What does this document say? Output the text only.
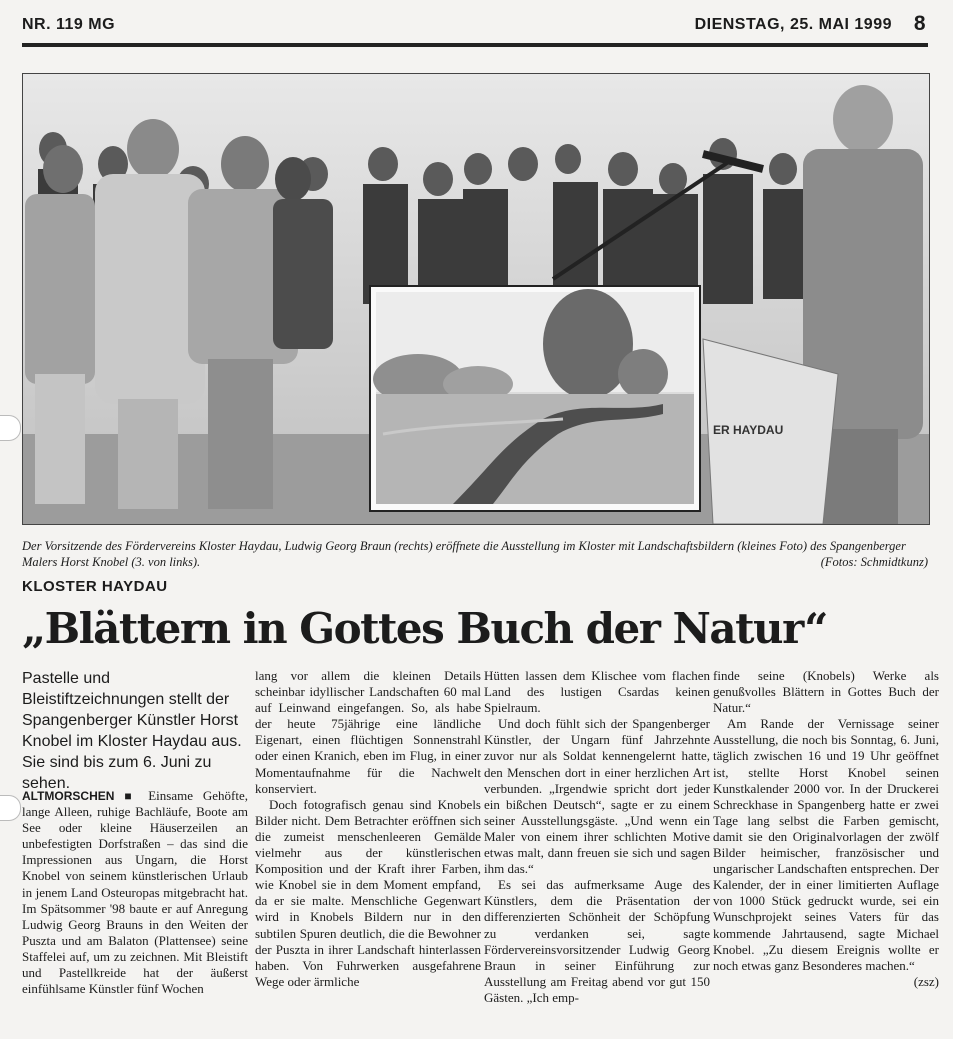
NR. 119 MG	DIENSTAG, 25. MAI 1999 8
ER HAYDAU
Der Vorsitzende des Fördervereins Kloster Haydau, Ludwig Georg Braun (rechts) eröffnete die Ausstellung im Kloster mit Landschaftsbildern (kleines Foto) des Spangenberger Malers Horst Knobel (3. von links).	(Fotos: Schmidtkunz)
KLOSTER HAYDAU
„Blättern in Gottes Buch der Natur“
Pastelle und Bleistiftzeichnungen stellt der Spangenberger Künstler Horst Knobel im Kloster Haydau aus. Sie sind bis zum 6. Juni zu sehen.

ALTMORSCHEN ■ Einsame Gehöfte, lange Alleen, ruhige Bachläufe, Boote am See oder kleine Häuserzeilen an unbefestigten Dorfstraßen – das sind die Impressionen aus Ungarn, die Horst Knobel von seinem künstlerischen Urlaub in jenem Land Osteuropas mitgebracht hat. Im Spätsommer '98 baute er auf Anregung Ludwig Georg Brauns in den Weiten der Puszta und am Balaton (Plattensee) seine Staffelei auf, um zu zeichnen. Mit Bleistift und Pastellkreide hat der äußerst einfühlsame Künstler fünf Wochen

lang vor allem die kleinen Details scheinbar idyllischer Landschaften 60 mal auf Leinwand eingefangen. So, als habe der heute 75jährige eine ländliche Eigenart, einen flüchtigen Sonnenstrahl oder einen Kranich, eben im Flug, in einer Momentaufnahme für die Nachwelt konserviert.

Doch fotografisch genau sind Knobels Bilder nicht. Dem Betrachter eröffnen sich die zumeist menschenleeren Gemälde vielmehr aus der künstlerischen Komposition und der Kraft ihrer Farben, wie Knobel sie in dem Moment empfand, da er sie malte. Menschliche Gegenwart wird in Knobels Bildern nur in den subtilen Spuren deutlich, die die Bewohner der Puszta in ihrer Landschaft hinterlassen haben. Von Fuhrwerken ausgefahrene Wege oder ärmliche

Hütten lassen dem Klischee vom flachen Land des lustigen Csardas keinen Spielraum.

Und doch fühlt sich der Spangenberger Künstler, der Ungarn fünf Jahrzehnte zuvor nur als Soldat kennengelernt hatte, den Menschen dort in einer herzlichen Art verbunden. „Irgendwie spricht dort jeder ein bißchen Deutsch“, sagte er zu einem seiner Ausstellungsgäste. „Und wenn ein Maler von einem ihrer schlichten Motive etwas malt, dann freuen sie sich und sagen ihm das.“

Es sei das aufmerksame Auge des Künstlers, dem die Präsentation der differenzierten Schönheit der Schöpfung zu verdanken sei, sagte Fördervereinsvorsitzender Ludwig Georg Braun in seiner Einführung zur Ausstellung am Freitag abend vor gut 150 Gästen. „Ich emp-

finde seine (Knobels) Werke als genußvolles Blättern in Gottes Buch der Natur.“

Am Rande der Vernissage seiner Ausstellung, die noch bis Sonntag, 6. Juni, täglich zwischen 16 und 19 Uhr geöffnet ist, stellte Horst Knobel seinen Kunstkalender 2000 vor. In der Druckerei Schreckhase in Spangenberg hatte er zwei Tage lang selbst die Farben gemischt, damit sie den Originalvorlagen der zwölf Bilder heimischer, französischer und ungarischer Landschaften entsprechen. Der Kalender, der in einer limitierten Auflage von 1000 Stück gedruckt wurde, sei ein Wunschprojekt seines Vaters für das kommende Jahrtausend, sagte Michael Knobel. „Zu diesem Ereignis wollte er noch etwas ganz Besonderes machen.“
(zsz)
